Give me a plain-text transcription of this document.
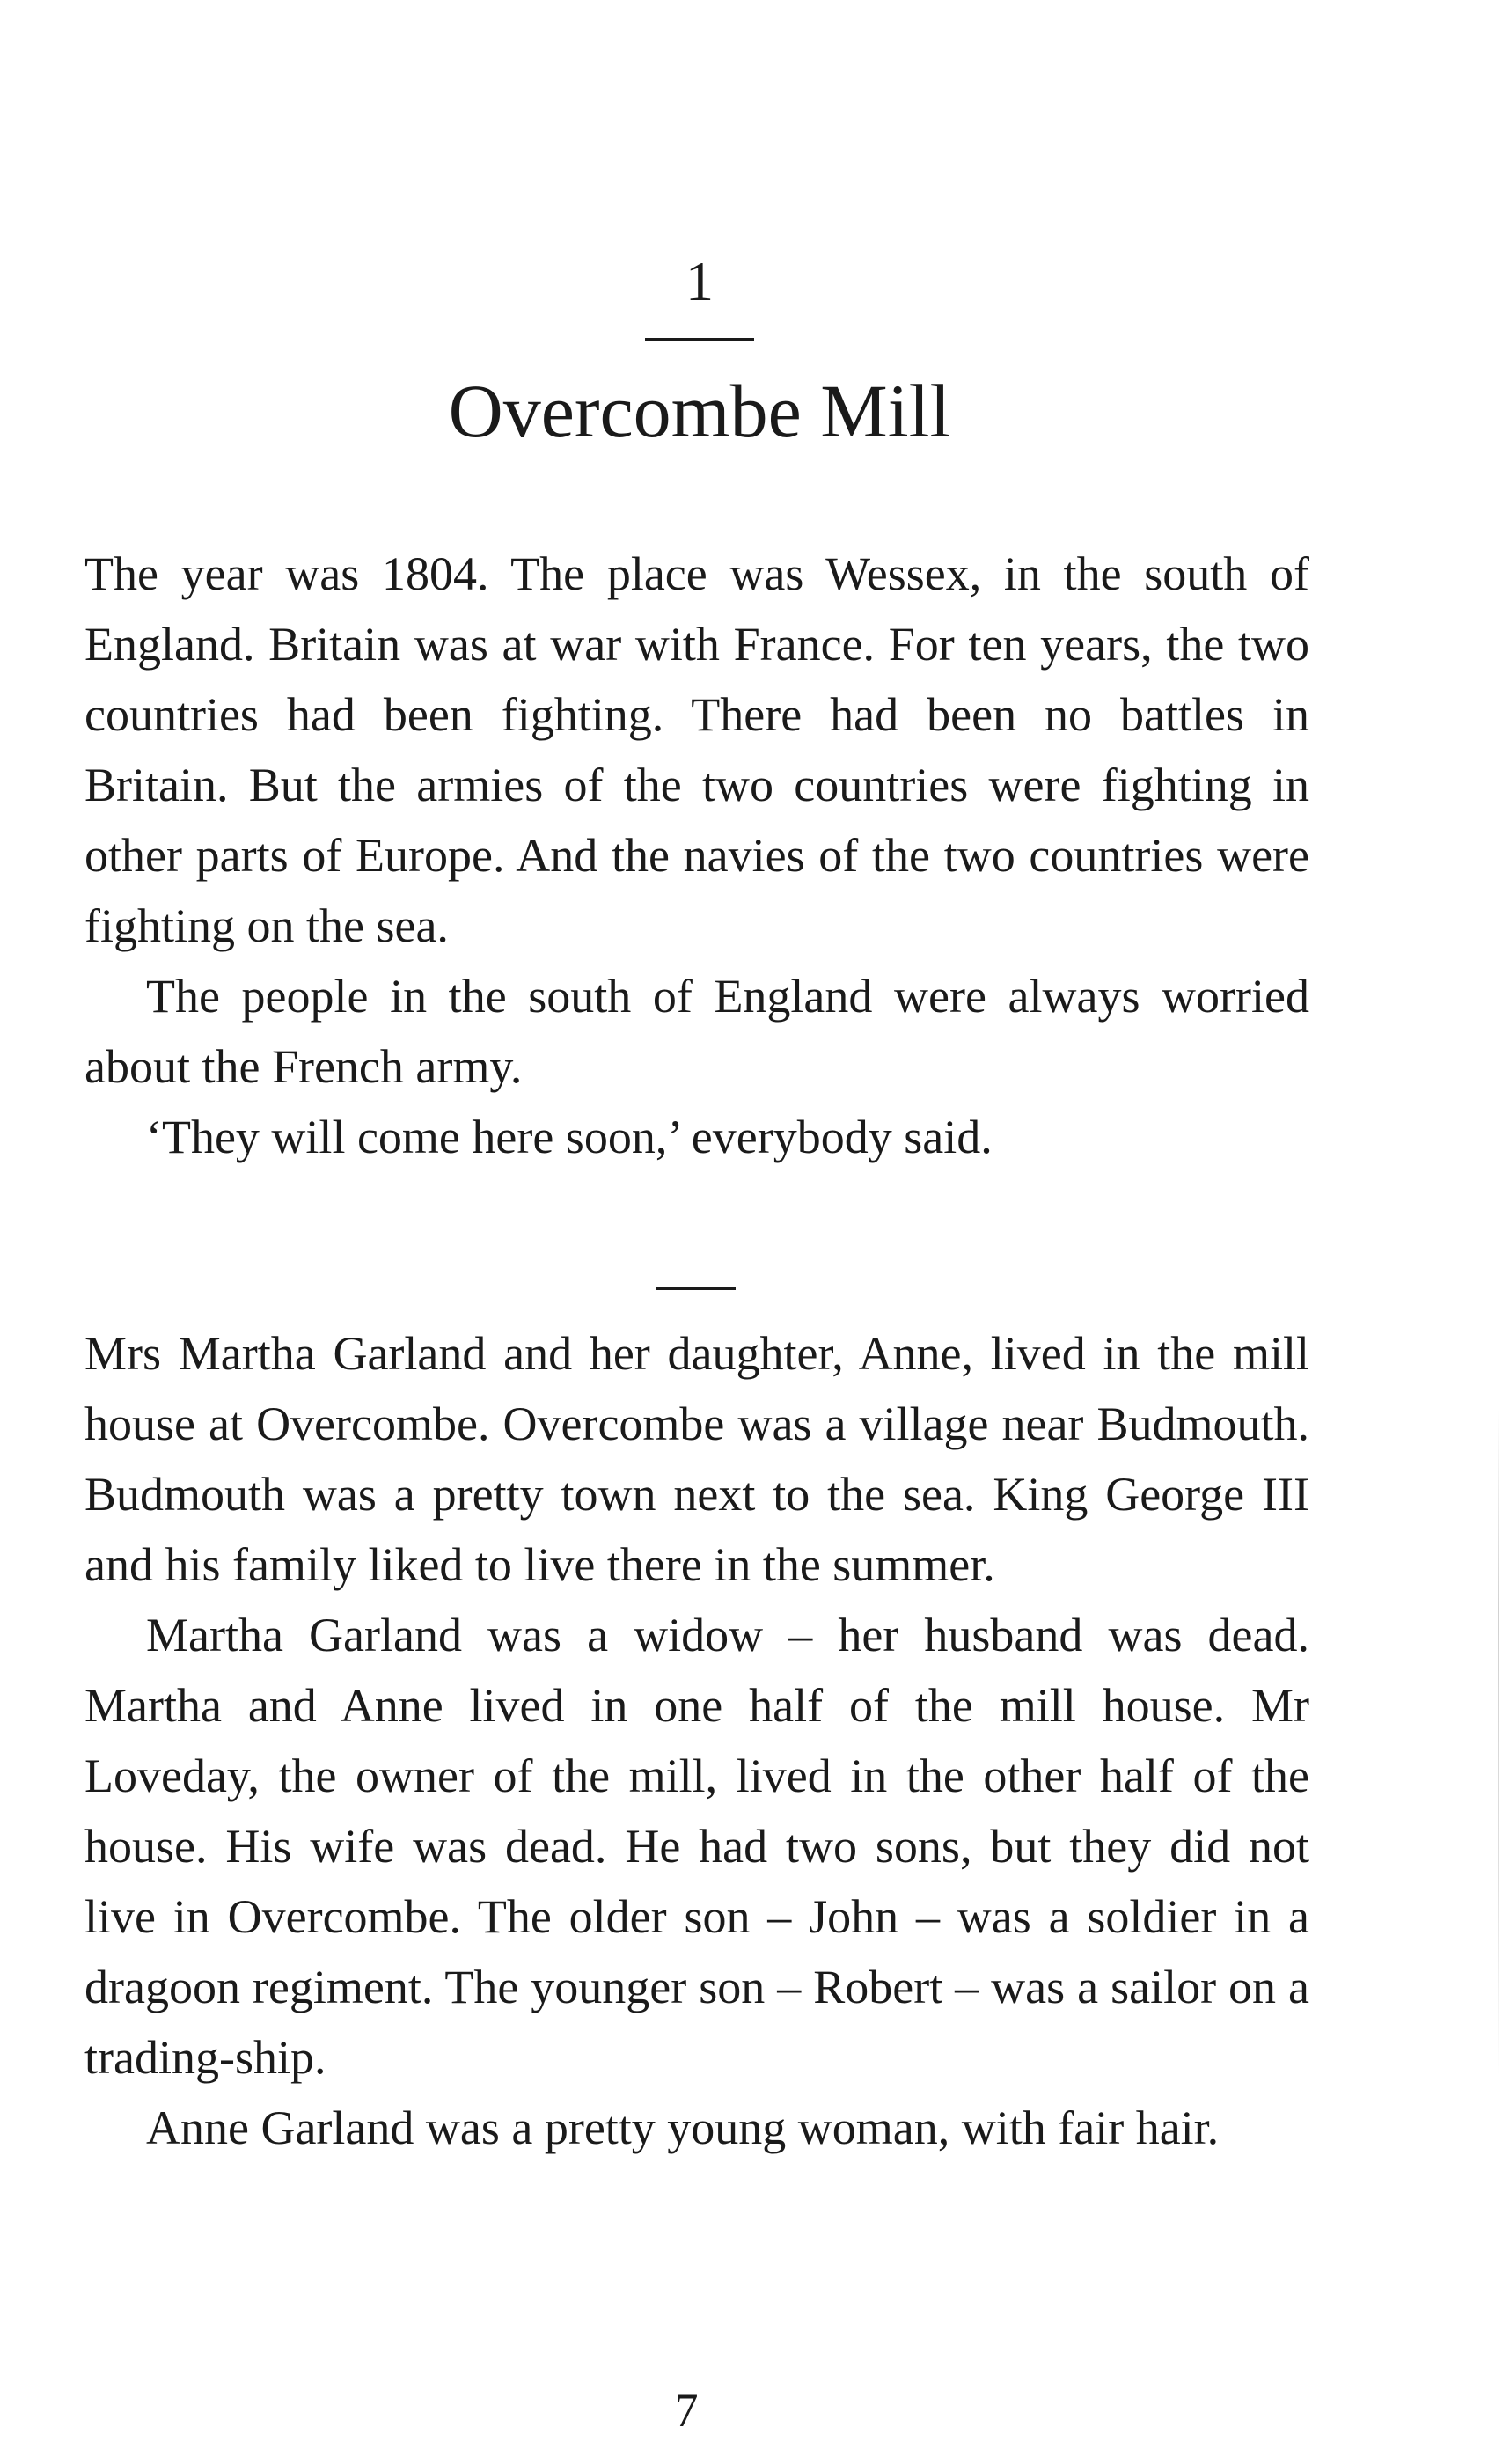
1
Overcombe Mill

The year was 1804. The place was Wessex, in the south of England. Britain was at war with France. For ten years, the two countries had been fighting. There had been no battles in Britain. But the armies of the two countries were fighting in other parts of Europe. And the navies of the two countries were fighting on the sea.

The people in the south of England were always worried about the French army.

‘They will come here soon,’ everybody said.

Mrs Martha Garland and her daughter, Anne, lived in the mill house at Overcombe. Overcombe was a village near Budmouth. Budmouth was a pretty town next to the sea. King George III and his family liked to live there in the summer.

Martha Garland was a widow – her husband was dead. Martha and Anne lived in one half of the mill house. Mr Loveday, the owner of the mill, lived in the other half of the house. His wife was dead. He had two sons, but they did not live in Overcombe. The older son – John – was a soldier in a dragoon regiment. The younger son – Robert – was a sailor on a trading-ship.

Anne Garland was a pretty young woman, with fair hair.

7
